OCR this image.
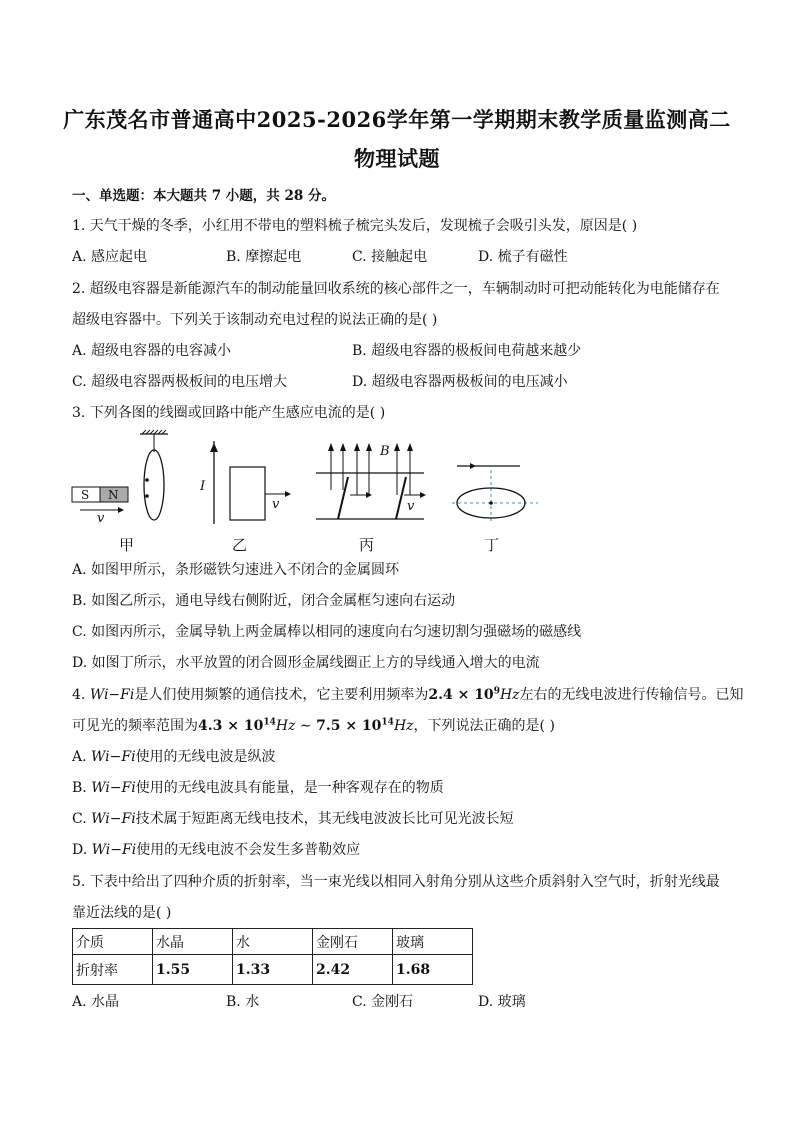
广东茂名市普通高中2025-2026学年第一学期期末教学质量监测高二
物理试题
一、单选题：本大题共 7 小题，共 28 分。
1. 天气干燥的冬季，小红用不带电的塑料梳子梳完头发后，发现梳子会吸引头发，原因是( )
A. 感应起电	B. 摩擦起电	C. 接触起电	D. 梳子有磁性
2. 超级电容器是新能源汽车的制动能量回收系统的核心部件之一，车辆制动时可把动能转化为电能储存在
超级电容器中。下列关于该制动充电过程的说法正确的是( )
A. 超级电容器的电容减小	B. 超级电容器的极板间电荷越来越少
C. 超级电容器两极板间的电压增大	D. 超级电容器两极板间的电压减小
3. 下列各图的线圈或回路中能产生感应电流的是( )
S N
v
I
v
B
v
甲	乙	丙	丁
A. 如图甲所示，条形磁铁匀速进入不闭合的金属圆环
B. 如图乙所示，通电导线右侧附近，闭合金属框匀速向右运动
C. 如图丙所示，金属导轨上两金属棒以相同的速度向右匀速切割匀强磁场的磁感线
D. 如图丁所示，水平放置的闭合圆形金属线圈正上方的导线通入增大的电流
4. Wi−Fi是人们使用频繁的通信技术，它主要利用频率为$2.4 \times 10^9Hz$左右的无线电波进行传输信号。已知
可见光的频率范围为$4.3 \times 10^{14}Hz$ ∼ $7.5 \times 10^{14}Hz$，下列说法正确的是( )
A. Wi−Fi使用的无线电波是纵波
B. Wi−Fi使用的无线电波具有能量，是一种客观存在的物质
C. Wi−Fi技术属于短距离无线电技术，其无线电波波长比可见光波长短
D. Wi−Fi使用的无线电波不会发生多普勒效应
5. 下表中给出了四种介质的折射率，当一束光线以相同入射角分别从这些介质斜射入空气时，折射光线最
靠近法线的是( )
介质	水晶	水	金刚石	玻璃
折射率	1.55	1.33	2.42	1.68
A. 水晶	B. 水	C. 金刚石	D. 玻璃
